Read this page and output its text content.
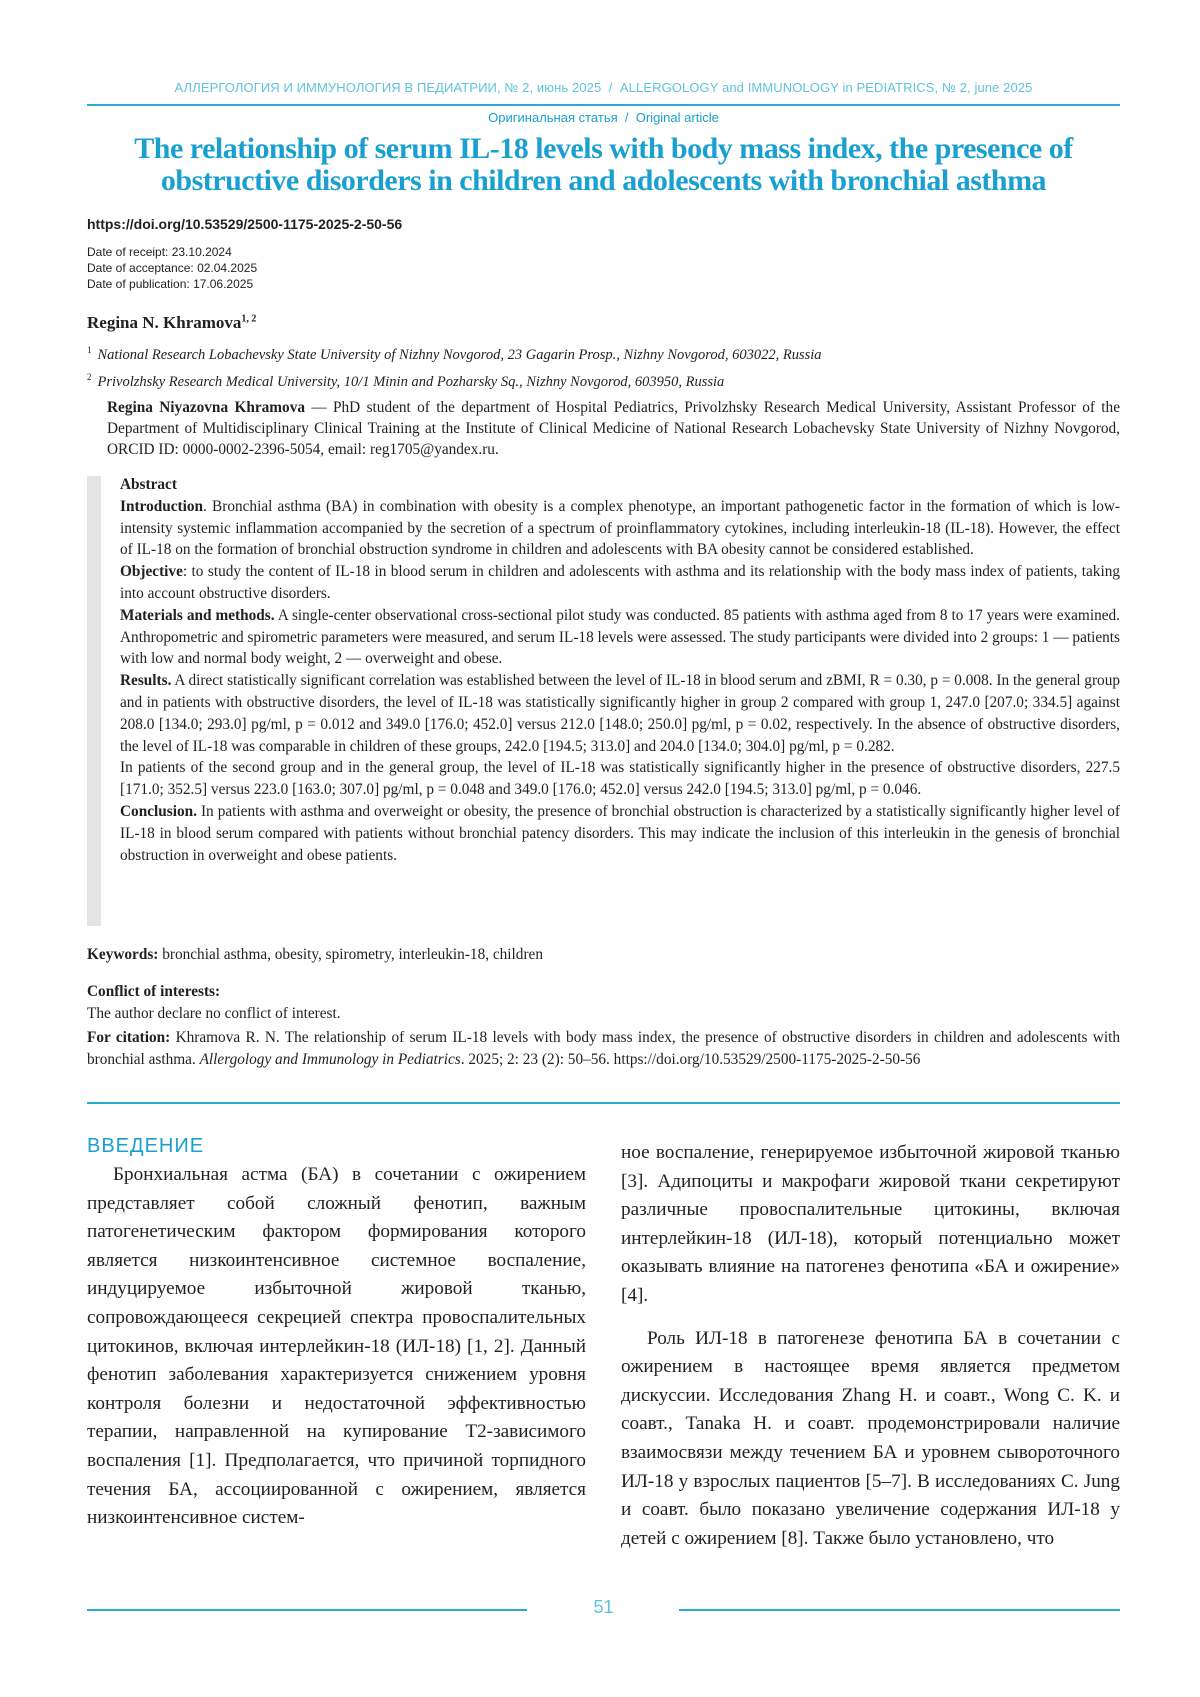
АЛЛЕРГОЛОГИЯ И ИММУНОЛОГИЯ В ПЕДИАТРИИ, № 2, июнь 2025 / ALLERGOLOGY and IMMUNOLOGY in PEDIATRICS, № 2, june 2025
Оригинальная статья / Original article
The relationship of serum IL-18 levels with body mass index, the presence of obstructive disorders in children and adolescents with bronchial asthma
https://doi.org/10.53529/2500-1175-2025-2-50-56
Date of receipt: 23.10.2024
Date of acceptance: 02.04.2025
Date of publication: 17.06.2025
Regina N. Khramova$^{1, 2}$
$^1$ National Research Lobachevsky State University of Nizhny Novgorod, 23 Gagarin Prosp., Nizhny Novgorod, 603022, Russia
$^2$ Privolzhsky Research Medical University, 10/1 Minin and Pozharsky Sq., Nizhny Novgorod, 603950, Russia
Regina Niyazovna Khramova — PhD student of the department of Hospital Pediatrics, Privolzhsky Research Medical University, Assistant Professor of the Department of Multidisciplinary Clinical Training at the Institute of Clinical Medicine of National Research Lobachevsky State University of Nizhny Novgorod, ORCID ID: 0000-0002-2396-5054, email: reg1705@yandex.ru.

Abstract

Introduction. Bronchial asthma (BA) in combination with obesity is a complex phenotype, an important pathogenetic factor in the formation of which is low-intensity systemic inflammation accompanied by the secretion of a spectrum of proinflammatory cytokines, including interleukin-18 (IL-18). However, the effect of IL-18 on the formation of bronchial obstruction syndrome in children and adolescents with BA obesity cannot be considered established.

Objective: to study the content of IL-18 in blood serum in children and adolescents with asthma and its relationship with the body mass index of patients, taking into account obstructive disorders.

Materials and methods. A single-center observational cross-sectional pilot study was conducted. 85 patients with asthma aged from 8 to 17 years were examined. Anthropometric and spirometric parameters were measured, and serum IL-18 levels were assessed. The study participants were divided into 2 groups: 1 — patients with low and normal body weight, 2 — overweight and obese.

Results. A direct statistically significant correlation was established between the level of IL-18 in blood serum and zBMI, R = 0.30, p = 0.008. In the general group and in patients with obstructive disorders, the level of IL-18 was statistically significantly higher in group 2 compared with group 1, 247.0 [207.0; 334.5] against 208.0 [134.0; 293.0] pg/ml, p = 0.012 and 349.0 [176.0; 452.0] versus 212.0 [148.0; 250.0] pg/ml, p = 0.02, respectively. In the absence of obstructive disorders, the level of IL-18 was comparable in children of these groups, 242.0 [194.5; 313.0] and 204.0 [134.0; 304.0] pg/ml, p = 0.282.

In patients of the second group and in the general group, the level of IL-18 was statistically significantly higher in the presence of obstructive disorders, 227.5 [171.0; 352.5] versus 223.0 [163.0; 307.0] pg/ml, p = 0.048 and 349.0 [176.0; 452.0] versus 242.0 [194.5; 313.0] pg/ml, p = 0.046.

Conclusion. In patients with asthma and overweight or obesity, the presence of bronchial obstruction is characterized by a statistically significantly higher level of IL-18 in blood serum compared with patients without bronchial patency disorders. This may indicate the inclusion of this interleukin in the genesis of bronchial obstruction in overweight and obese patients.

Keywords: bronchial asthma, obesity, spirometry, interleukin-18, children
Conflict of interests:
The author declare no conflict of interest.
For citation: Khramova R. N. The relationship of serum IL-18 levels with body mass index, the presence of obstructive disorders in children and adolescents with bronchial asthma. Allergology and Immunology in Pediatrics. 2025; 2: 23 (2): 50–56. https://doi.org/10.53529/2500-1175-2025-2-50-56
ВВЕДЕНИЕ

Бронхиальная астма (БА) в сочетании с ожирением представляет собой сложный фенотип, важным патогенетическим фактором формирования которого является низкоинтенсивное системное воспаление, индуцируемое избыточной жировой тканью, сопровождающееся секрецией спектра провоспалительных цитокинов, включая интерлейкин-18 (ИЛ-18) [1, 2]. Данный фенотип заболевания характеризуется снижением уровня контроля болезни и недостаточной эффективностью терапии, направленной на купирование Т2-зависимого воспаления [1]. Предполагается, что причиной торпидного течения БА, ассоциированной с ожирением, является низкоинтенсивное систем-

ное воспаление, генерируемое избыточной жировой тканью [3]. Адипоциты и макрофаги жировой ткани секретируют различные провоспалительные цитокины, включая интерлейкин-18 (ИЛ-18), который потенциально может оказывать влияние на патогенез фенотипа «БА и ожирение» [4].

Роль ИЛ-18 в патогенезе фенотипа БА в сочетании с ожирением в настоящее время является предметом дискуссии. Исследования Zhang H. и соавт., Wong C. K. и соавт., Tanaka H. и соавт. продемонстрировали наличие взаимосвязи между течением БА и уровнем сывороточного ИЛ-18 у взрослых пациентов [5–7]. В исследованиях C. Jung и соавт. было показано увеличение содержания ИЛ-18 у детей с ожирением [8]. Также было установлено, что

51
